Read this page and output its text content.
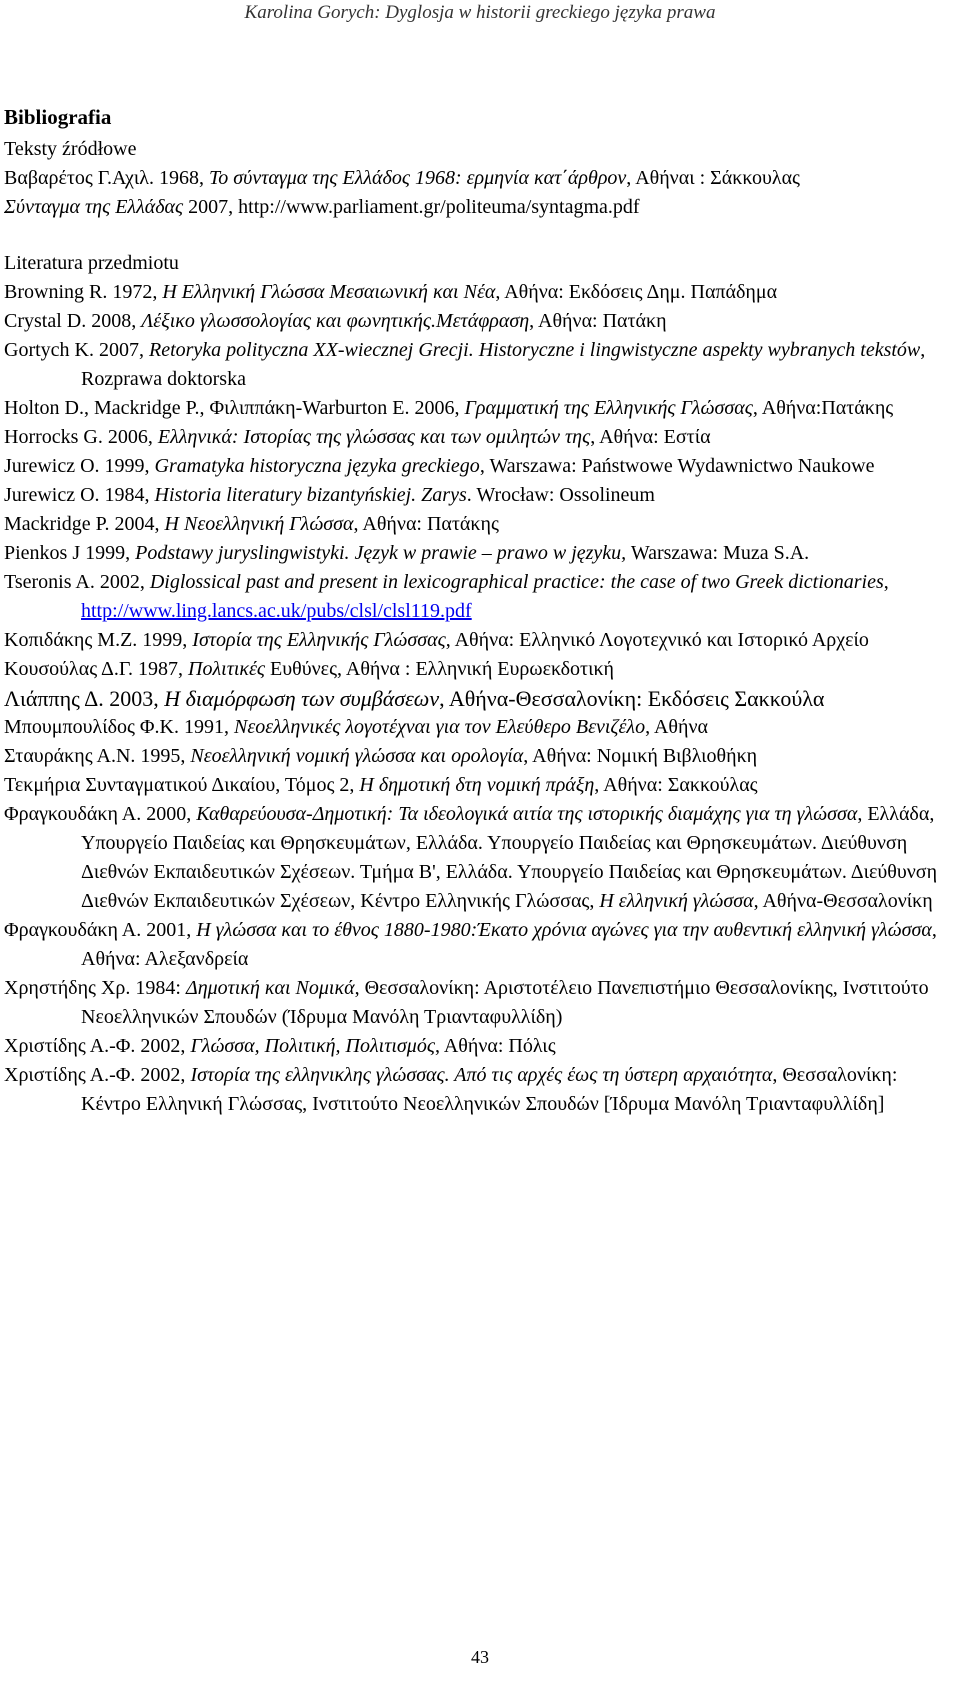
Karolina Gorych: Dyglosja w historii greckiego języka prawa

Bibliografia

Teksty źródłowe

Βαβαρέτος Γ.Αχιλ. 1968, Το σύνταγμα της Ελλάδος 1968: ερμηνία κατ΄άρθρον, Αθήναι : Σάκκουλας

Σύνταγμα της Ελλάδας 2007, http://www.parliament.gr/politeuma/syntagma.pdf

Literatura przedmiotu

Browning R. 1972, Η Ελληνική Γλώσσα Μεσαιωνική και Νέα, Αθήνα: Εκδόσεις Δημ. Παπάδημα

Crystal D. 2008, Λέξικο γλωσσολογίας και φωνητικής.Μετάφραση, Αθήνα: Πατάκη

Gortych K. 2007, Retoryka polityczna XX-wiecznej Grecji. Historyczne i lingwistyczne aspekty wybranych tekstów, Rozprawa doktorska

Holton D., Mackridge P., Φιλιππάκη-Warburton E. 2006, Γραμματική της Ελληνικής Γλώσσας, Αθήνα:Πατάκης

Horrocks G. 2006, Ελληνικά: Ιστορίας της γλώσσας και των ομιλητών της, Αθήνα: Εστία

Jurewicz O. 1999, Gramatyka historyczna języka greckiego, Warszawa: Państwowe Wydawnictwo Naukowe

Jurewicz O. 1984, Historia literatury bizantyńskiej. Zarys. Wrocław: Ossolineum

Mackridge P. 2004, Η Νεοελληνική Γλώσσα, Αθήνα: Πατάκης

Pienkos J 1999, Podstawy juryslingwistyki. Język w prawie – prawo w języku, Warszawa: Muza S.A.

Tseronis A. 2002, Diglossical past and present in lexicographical practice: the case of two Greek dictionaries, http://www.ling.lancs.ac.uk/pubs/clsl/clsl119.pdf

Κοπιδάκης Μ.Ζ. 1999, Ιστορία της Ελληνικής Γλώσσας, Αθήνα: Ελληνικό Λογοτεχνικό και Ιστορικό Αρχείο

Κουσούλας Δ.Γ. 1987, Πολιτικές Ευθύνες, Αθήνα : Ελληνική Ευρωεκδοτική

Λιάππης Δ. 2003, Η διαμόρφωση των συμβάσεων, Αθήνα-Θεσσαλονίκη: Εκδόσεις Σακκούλα

Μπουμπουλίδος Φ.Κ. 1991, Νεοελληνικές λογοτέχναι για τον Ελεύθερο Βενιζέλο, Αθήνα

Σταυράκης Α.Ν. 1995, Νεοελληνική νομική γλώσσα και ορολογία, Αθήνα: Νομική Βιβλιοθήκη

Τεκμήρια Συνταγματικού Δικαίου, Τόμος 2, Η δημοτική δτη νομική πράξη, Αθήνα: Σακκούλας

Φραγκουδάκη Α. 2000, Καθαρεύουσα-Δημοτική: Τα ιδεολογικά αιτία της ιστορικής διαμάχης για τη γλώσσα, Ελλάδα, Υπουργείο Παιδείας και Θρησκευμάτων, Ελλάδα. Υπουργείο Παιδείας και Θρησκευμάτων. Διεύθυνση Διεθνών Εκπαιδευτικών Σχέσεων. Τμήμα Β', Ελλάδα. Υπουργείο Παιδείας και Θρησκευμάτων. Διεύθυνση Διεθνών Εκπαιδευτικών Σχέσεων, Κέντρο Ελληνικής Γλώσσας, Η ελληνική γλώσσα, Αθήνα-Θεσσαλονίκη

Φραγκουδάκη Α. 2001, Η γλώσσα και το έθνος 1880-1980:Έκατο χρόνια αγώνες για την αυθεντική ελληνική γλώσσα, Αθήνα: Αλεξανδρεία

Χρηστήδης Χρ. 1984: Δημοτική και Νομικά, Θεσσαλονίκη: Αριστοτέλειο Πανεπιστήμιο Θεσσαλονίκης, Ινστιτούτο Νεοελληνικών Σπουδών (Ίδρυμα Μανόλη Τριανταφυλλίδη)

Χριστίδης Α.-Φ. 2002, Γλώσσα, Πολιτική, Πολιτισμός, Αθήνα: Πόλις

Χριστίδης Α.-Φ. 2002, Ιστορία της ελληνικλης γλώσσας. Από τις αρχές έως τη ύστερη αρχαιότητα, Θεσσαλονίκη: Κέντρο Ελληνική Γλώσσας, Ινστιτούτο Νεοελληνικών Σπουδών [Ίδρυμα Μανόλη Τριανταφυλλίδη]

43
